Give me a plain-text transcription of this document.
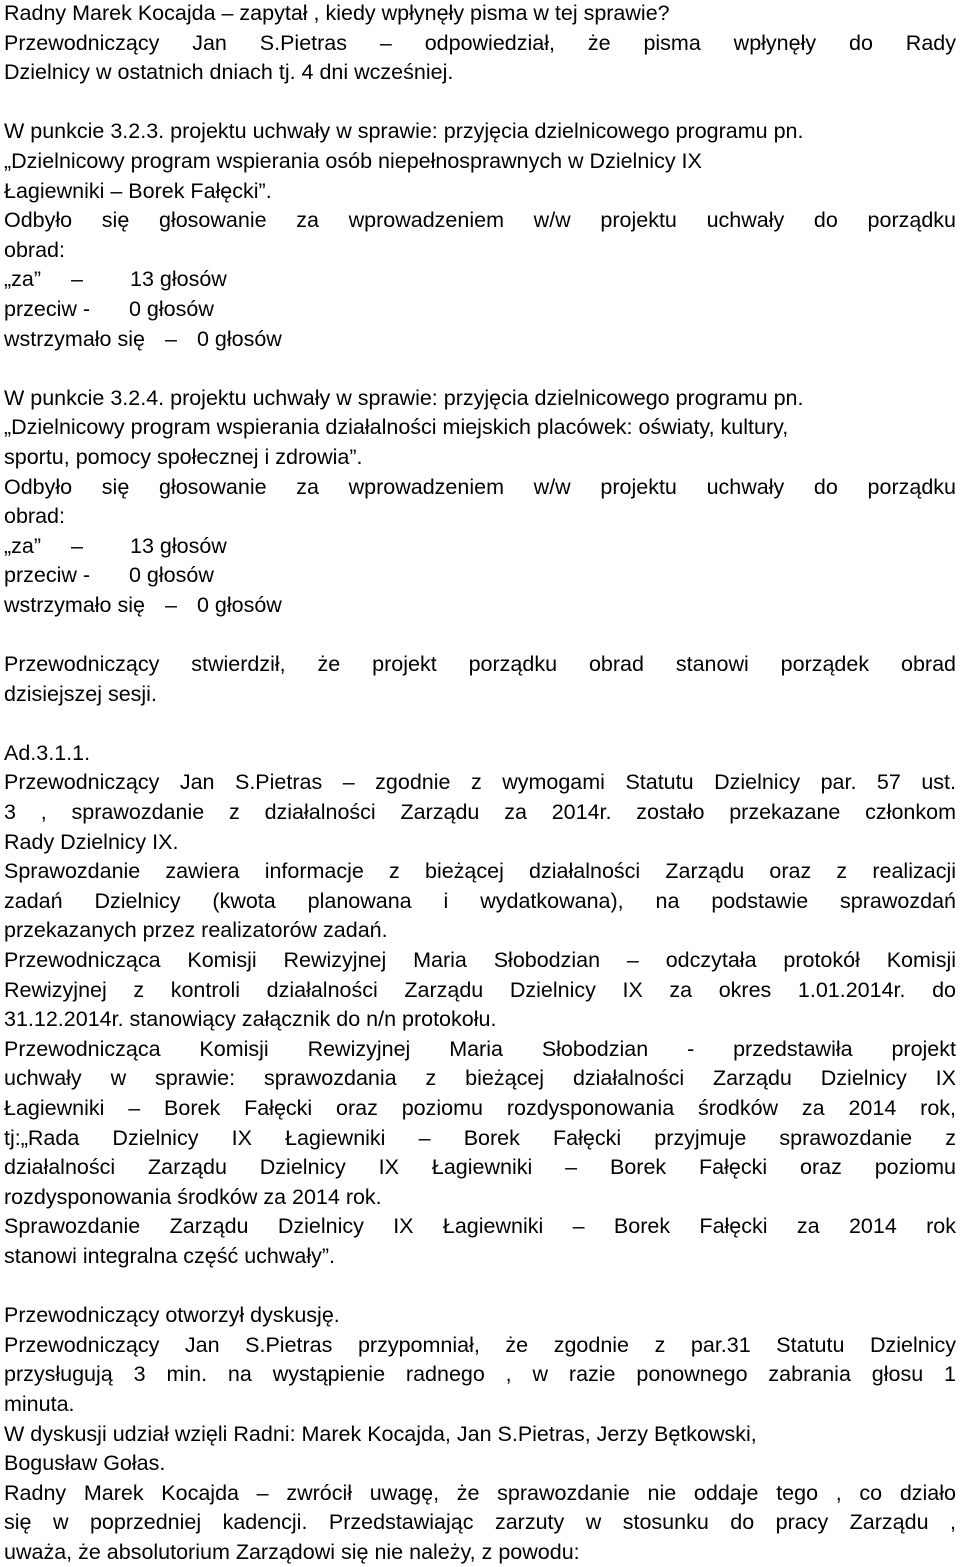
Radny Marek Kocajda – zapytał , kiedy wpłynęły pisma w tej sprawie?
Przewodniczący Jan S.Pietras – odpowiedział, że pisma wpłynęły do Rady
Dzielnicy w ostatnich dniach tj. 4 dni wcześniej.
W punkcie 3.2.3. projektu uchwały w sprawie: przyjęcia dzielnicowego programu pn.
„Dzielnicowy program wspierania osób niepełnosprawnych w Dzielnicy IX
Łagiewniki – Borek Fałęcki”.
Odbyło się głosowanie za wprowadzeniem w/w projektu uchwały do porządku
obrad:
„za”	–	13 głosów
przeciw -	0 głosów
wstrzymało się – 0 głosów
W punkcie 3.2.4. projektu uchwały w sprawie: przyjęcia dzielnicowego programu pn.
„Dzielnicowy program wspierania działalności miejskich placówek: oświaty, kultury,
sportu, pomocy społecznej i zdrowia”.
Odbyło się głosowanie za wprowadzeniem w/w projektu uchwały do porządku
obrad:
„za”	–	13 głosów
przeciw -	0 głosów
wstrzymało się – 0 głosów
Przewodniczący stwierdził, że projekt porządku obrad stanowi porządek obrad
dzisiejszej sesji.
Ad.3.1.1.
Przewodniczący Jan S.Pietras – zgodnie z wymogami Statutu Dzielnicy par. 57 ust.
3 , sprawozdanie z działalności Zarządu za 2014r. zostało przekazane członkom
Rady Dzielnicy IX.
Sprawozdanie zawiera informacje z bieżącej działalności Zarządu oraz z realizacji
zadań Dzielnicy (kwota planowana i wydatkowana), na podstawie sprawozdań
przekazanych przez realizatorów zadań.
Przewodnicząca Komisji Rewizyjnej Maria Słobodzian – odczytała protokół Komisji
Rewizyjnej z kontroli działalności Zarządu Dzielnicy IX za okres 1.01.2014r. do
31.12.2014r. stanowiący załącznik do n/n protokołu.
Przewodnicząca Komisji Rewizyjnej Maria Słobodzian - przedstawiła projekt
uchwały w sprawie: sprawozdania z bieżącej działalności Zarządu Dzielnicy IX
Łagiewniki – Borek Fałęcki oraz poziomu rozdysponowania środków za 2014 rok,
tj:„Rada Dzielnicy IX Łagiewniki – Borek Fałęcki przyjmuje sprawozdanie z
działalności Zarządu Dzielnicy IX Łagiewniki – Borek Fałęcki oraz poziomu
rozdysponowania środków za 2014 rok.
Sprawozdanie Zarządu Dzielnicy IX Łagiewniki – Borek Fałęcki za 2014 rok
stanowi integralna część uchwały”.
Przewodniczący otworzył dyskusję.
Przewodniczący Jan S.Pietras przypomniał, że zgodnie z par.31 Statutu Dzielnicy
przysługują 3 min. na wystąpienie radnego , w razie ponownego zabrania głosu 1
minuta.
W dyskusji udział wzięli Radni: Marek Kocajda, Jan S.Pietras, Jerzy Bętkowski,
Bogusław Gołas.
Radny Marek Kocajda – zwrócił uwagę, że sprawozdanie nie oddaje tego , co działo
się w poprzedniej kadencji. Przedstawiając zarzuty w stosunku do pracy Zarządu ,
uważa, że absolutorium Zarządowi się nie należy, z powodu:
